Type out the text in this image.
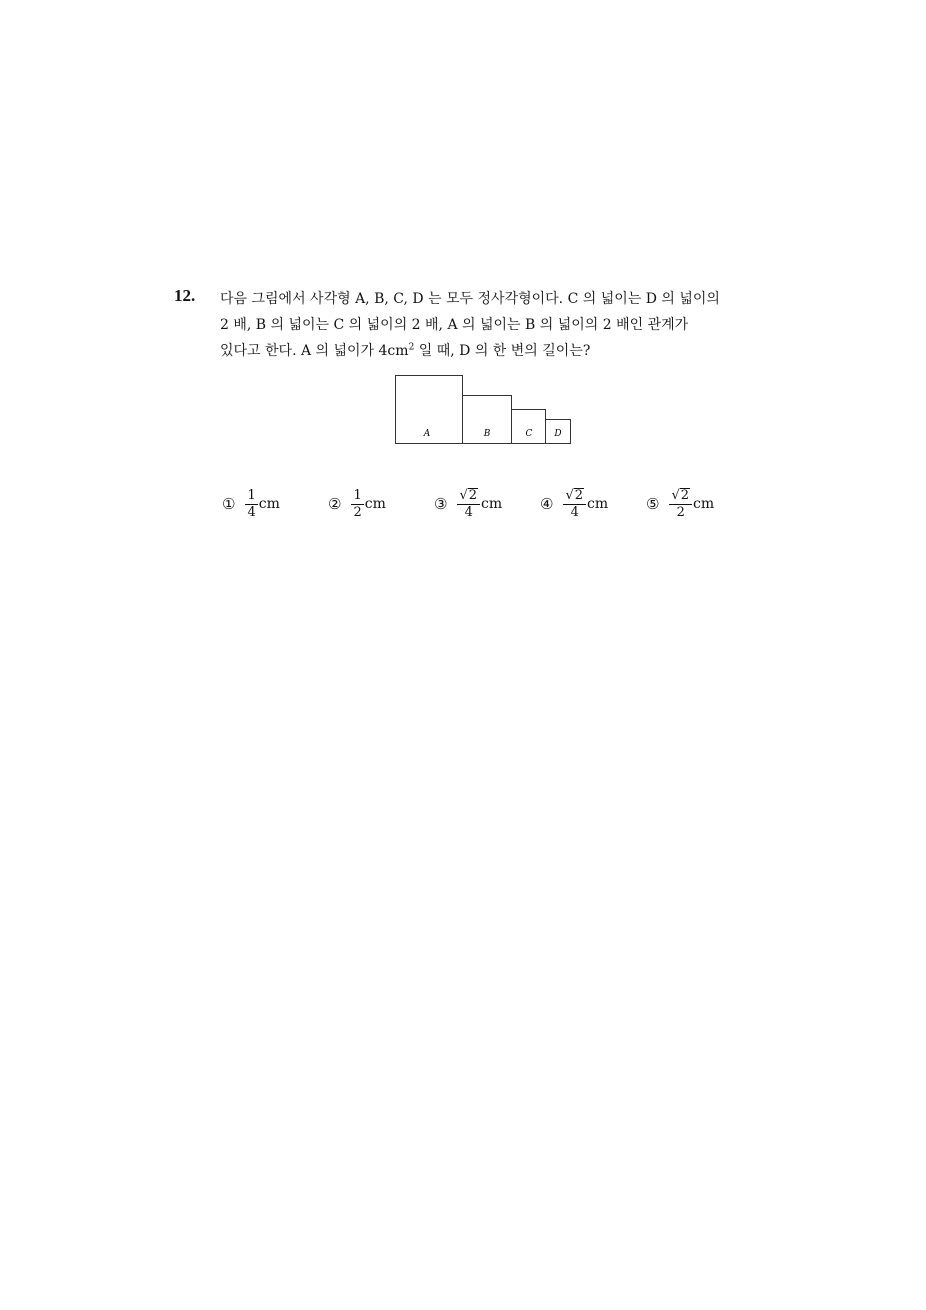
12. 다음 그림에서 사각형 A, B, C, D 는 모두 정사각형이다. C 의 넓이는 D 의 넓이의
2 배, B 의 넓이는 C 의 넓이의 2 배, A 의 넓이는 B 의 넓이의 2 배인 관계가
있다고 한다. A 의 넓이가 $4cm^2$ 일 때, D 의 한 변의 길이는?
A	B	C D
① $\frac{1}{4}$ cm	② $\frac{1}{2}$ cm	③ $\frac{√ 2}{4}$ cm	④ $\frac{√ 2}{4}$ cm	⑤ $\frac{√ 2}{2}$ cm
